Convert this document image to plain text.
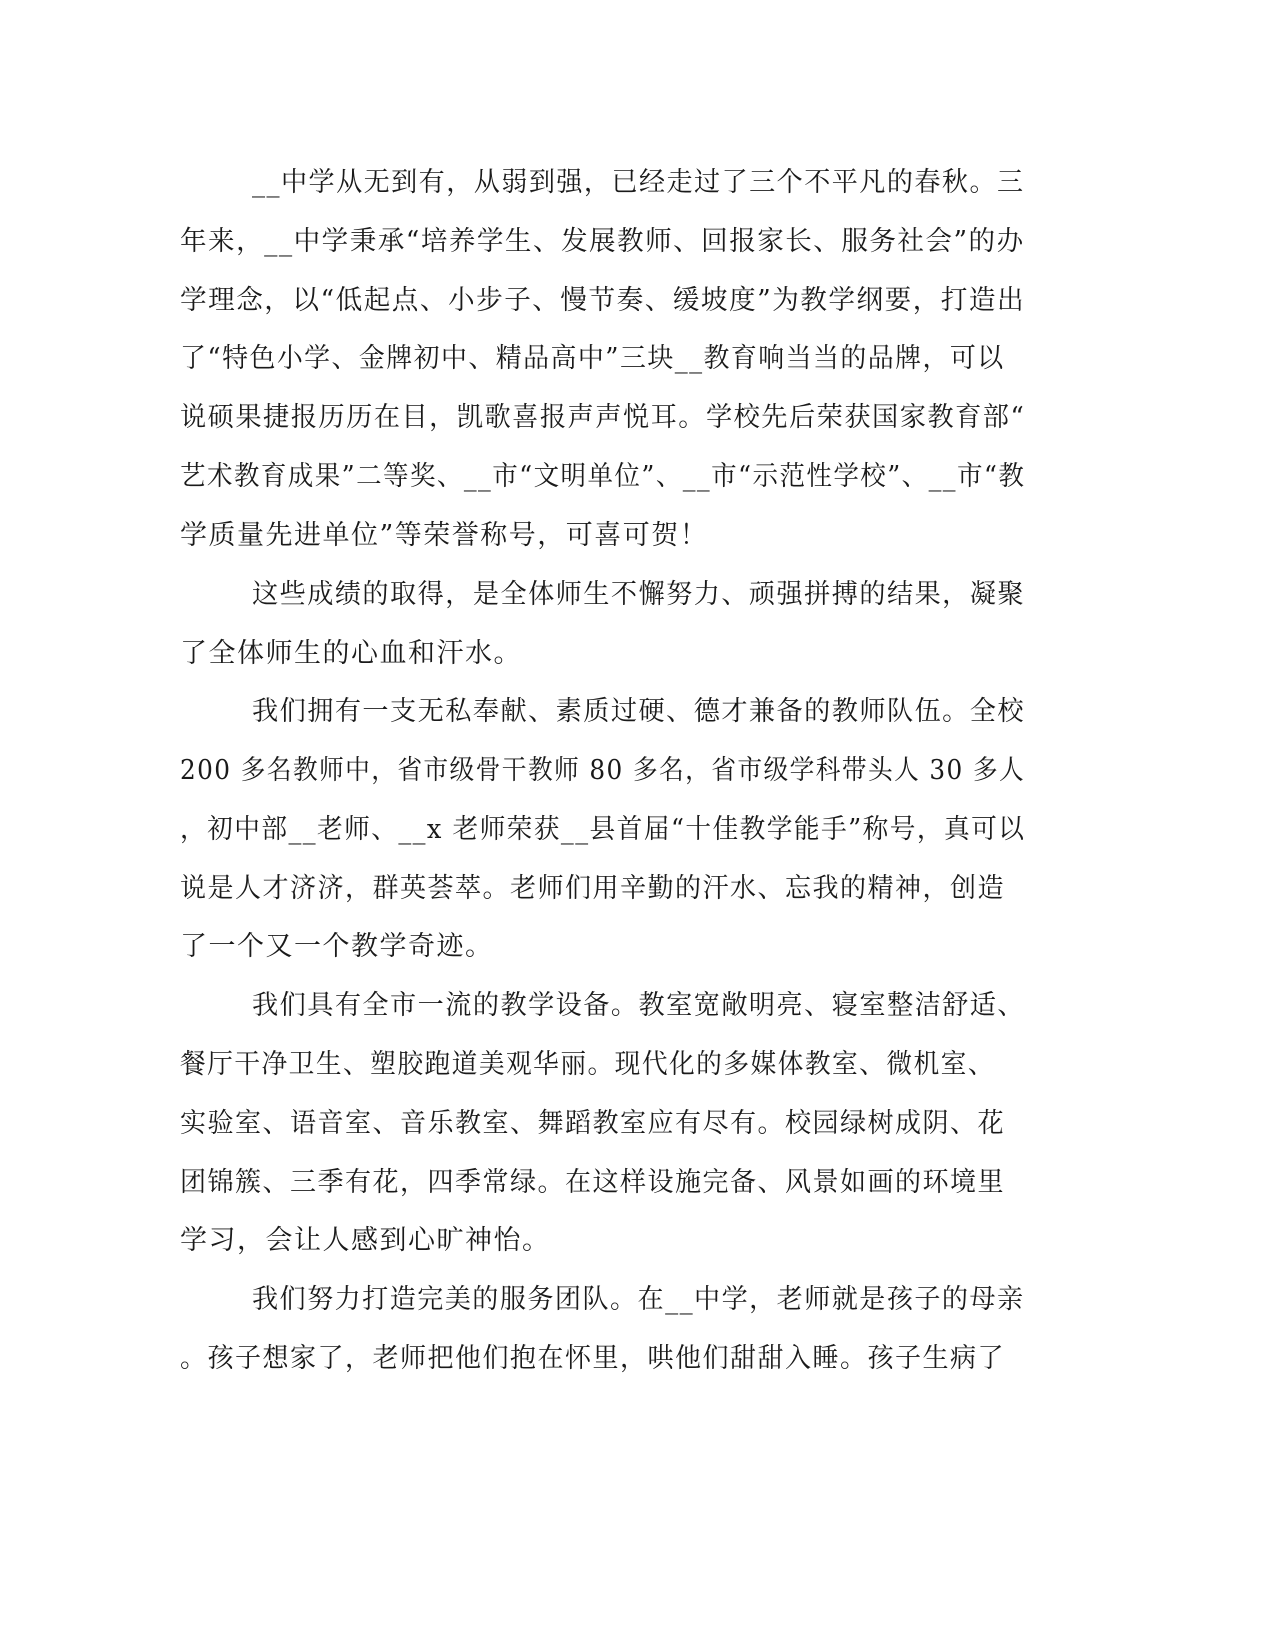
__中学从无到有，从弱到强，已经走过了三个不平凡的春秋。三
年来，__中学秉承“培养学生、发展教师、回报家长、服务社会”的办
学理念，以“低起点、小步子、慢节奏、缓坡度”为教学纲要，打造出
了“特色小学、金牌初中、精品高中”三块__教育响当当的品牌，可以
说硕果捷报历历在目，凯歌喜报声声悦耳。学校先后荣获国家教育部“
艺术教育成果”二等奖、__市“文明单位”、__市“示范性学校”、__市“教
学质量先进单位”等荣誉称号，可喜可贺！
这些成绩的取得，是全体师生不懈努力、顽强拼搏的结果，凝聚
了全体师生的心血和汗水。
我们拥有一支无私奉献、素质过硬、德才兼备的教师队伍。全校
200 多名教师中，省市级骨干教师 80 多名，省市级学科带头人 30 多人
，初中部__老师、__x 老师荣获__县首届“十佳教学能手”称号，真可以
说是人才济济，群英荟萃。老师们用辛勤的汗水、忘我的精神，创造
了一个又一个教学奇迹。
我们具有全市一流的教学设备。教室宽敞明亮、寝室整洁舒适、
餐厅干净卫生、塑胶跑道美观华丽。现代化的多媒体教室、微机室、
实验室、语音室、音乐教室、舞蹈教室应有尽有。校园绿树成阴、花
团锦簇、三季有花，四季常绿。在这样设施完备、风景如画的环境里
学习，会让人感到心旷神怡。
我们努力打造完美的服务团队。在__中学，老师就是孩子的母亲
。孩子想家了，老师把他们抱在怀里，哄他们甜甜入睡。孩子生病了
